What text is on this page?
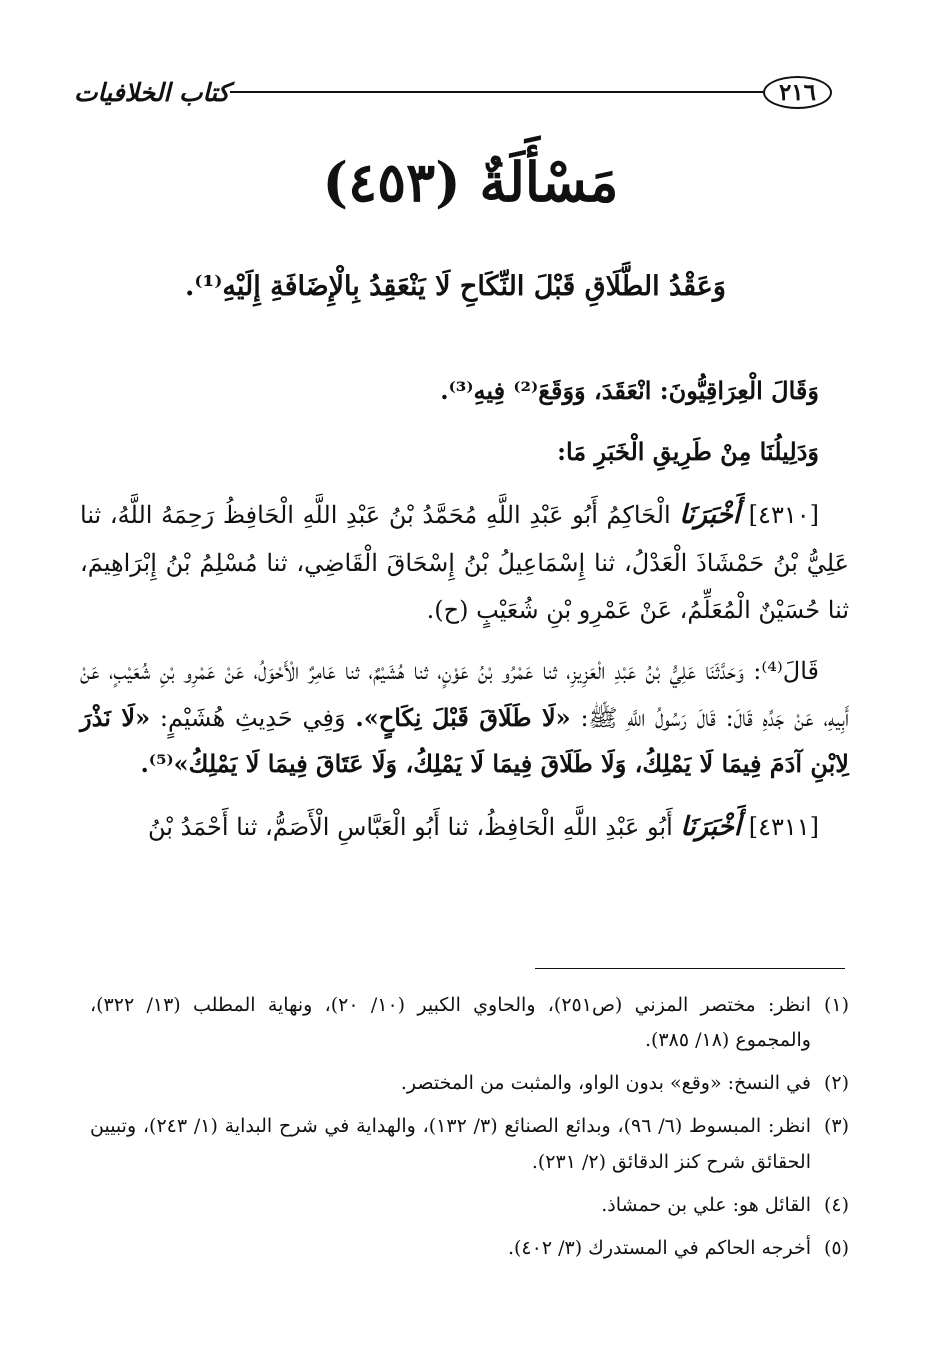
٢١٦
كتاب الخلافيات
مَسْأَلَةٌ (٤٥٣)
وَعَقْدُ الطَّلَاقِ قَبْلَ النِّكَاحِ لَا يَنْعَقِدُ بِالْإِضَافَةِ إِلَيْهِ⁽¹⁾.

وَقَالَ الْعِرَاقِيُّونَ: انْعَقَدَ، وَوَقَعَ⁽²⁾ فِيهِ⁽³⁾.

وَدَلِيلُنَا مِنْ طَرِيقِ الْخَبَرِ مَا:

[٤٣١٠] أَخْبَرَنَا الْحَاكِمُ أَبُو عَبْدِ اللَّهِ مُحَمَّدُ بْنُ عَبْدِ اللَّهِ الْحَافِظُ رَحِمَهُ اللَّهُ، ثنا عَلِيُّ بْنُ حَمْشَاذَ الْعَدْلُ، ثنا إِسْمَاعِيلُ بْنُ إِسْحَاقَ الْقَاضِي، ثنا مُسْلِمُ بْنُ إِبْرَاهِيمَ، ثنا حُسَيْنٌ الْمُعَلِّمُ، عَنْ عَمْرِو بْنِ شُعَيْبٍ (ح).

قَالَ⁽⁴⁾: وَحَدَّثَنَا عَلِيُّ بْنُ عَبْدِ الْعَزِيزِ، ثنا عَمْرُو بْنُ عَوْنٍ، ثنا هُشَيْمٌ، ثنا عَامِرٌ الْأَحْوَلُ، عَنْ عَمْرِو بْنِ شُعَيْبٍ، عَنْ أَبِيهِ، عَنْ جَدِّهِ قَالَ: قَالَ رَسُولُ اللَّهِ ﷺ: «لَا طَلَاقَ قَبْلَ نِكَاحٍ». وَفِي حَدِيثِ هُشَيْمٍ: «لَا نَذْرَ لِابْنِ آدَمَ فِيمَا لَا يَمْلِكُ، وَلَا طَلَاقَ فِيمَا لَا يَمْلِكُ، وَلَا عَتَاقَ فِيمَا لَا يَمْلِكُ»⁽⁵⁾.

[٤٣١١] أَخْبَرَنَا أَبُو عَبْدِ اللَّهِ الْحَافِظُ، ثنا أَبُو الْعَبَّاسِ الْأَصَمُّ، ثنا أَحْمَدُ بْنُ

(١)
انظر: مختصر المزني (ص٢٥١)، والحاوي الكبير (١٠/ ٢٠)، ونهاية المطلب (١٣/ ٣٢٢)، والمجموع (١٨/ ٣٨٥).
(٢)
في النسخ: «وقع» بدون الواو، والمثبت من المختصر.
(٣)
انظر: المبسوط (٦/ ٩٦)، وبدائع الصنائع (٣/ ١٣٢)، والهداية في شرح البداية (١/ ٢٤٣)، وتبيين الحقائق شرح كنز الدقائق (٢/ ٢٣١).
(٤)
القائل هو: علي بن حمشاذ.
(٥)
أخرجه الحاكم في المستدرك (٣/ ٤٠٢).
